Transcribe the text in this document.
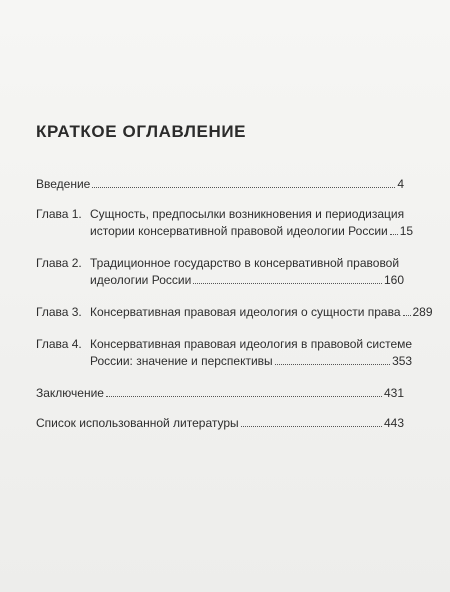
КРАТКОЕ ОГЛАВЛЕНИЕ
Введение	4
Глава 1. Сущность, предпосылки возникновения и периодизация
истории консервативной правовой идеологии России 15
Глава 2. Традиционное государство в консервативной правовой
идеологии России	160
Глава 3. Консервативная правовая идеология о сущности права 289
Глава 4. Консервативная правовая идеология в правовой системе
России: значение и перспективы	353
Заключение	431
Список использованной литературы	443
